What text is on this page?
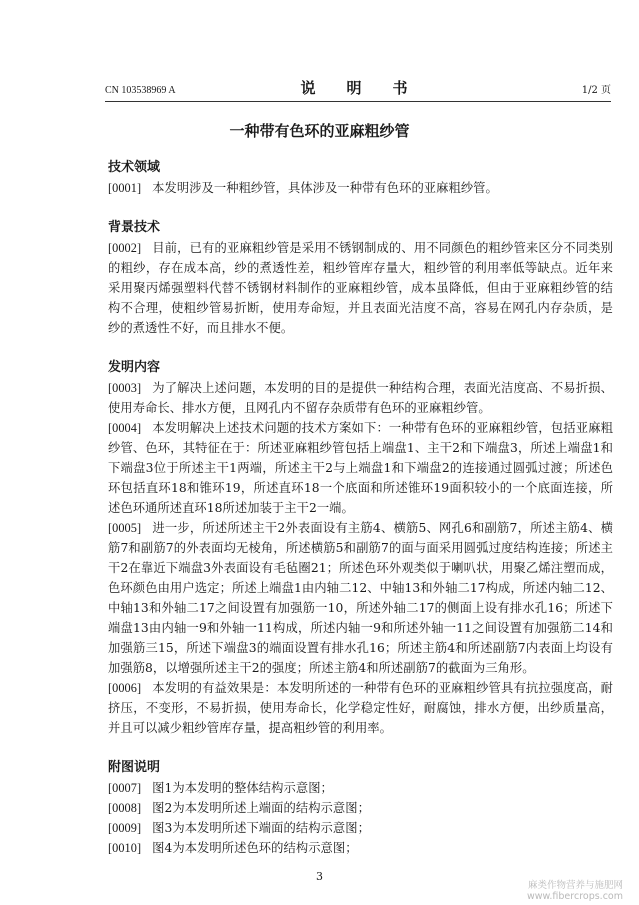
CN 103538969 A	说　明　书	1/2 页
一种带有色环的亚麻粗纱管
技术领域
[0001] 本发明涉及一种粗纱管，具体涉及一种带有色环的亚麻粗纱管。
背景技术
[0002] 目前，已有的亚麻粗纱管是采用不锈钢制成的、用不同颜色的粗纱管来区分不同类别的粗纱，存在成本高，纱的煮透性差，粗纱管库存量大，粗纱管的利用率低等缺点。近年来采用聚丙烯强塑料代替不锈钢材料制作的亚麻粗纱管，成本虽降低，但由于亚麻粗纱管的结构不合理，使粗纱管易折断，使用寿命短，并且表面光洁度不高，容易在网孔内存杂质，是纱的煮透性不好，而且排水不便。
发明内容
[0003] 为了解决上述问题，本发明的目的是提供一种结构合理，表面光洁度高、不易折损、使用寿命长、排水方便，且网孔内不留存杂质带有色环的亚麻粗纱管。
[0004] 本发明解决上述技术问题的技术方案如下：一种带有色环的亚麻粗纱管，包括亚麻粗纱管、色环，其特征在于：所述亚麻粗纱管包括上端盘1、主干2和下端盘3，所述上端盘1和下端盘3位于所述主干1两端，所述主干2与上端盘1和下端盘2的连接通过圆弧过渡；所述色环包括直环18和锥环19，所述直环18一个底面和所述锥环19面积较小的一个底面连接，所述色环通所述直环18所述加装于主干2一端。
[0005] 进一步，所述所述主干2外表面设有主筋4、横筋5、网孔6和副筋7，所述主筋4、横筋7和副筋7的外表面均无棱角，所述横筋5和副筋7的面与面采用圆弧过度结构连接；所述主干2在靠近下端盘3外表面设有毛毡圈21；所述色环外观类似于喇叭状，用聚乙烯注塑而成，色环颜色由用户选定；所述上端盘1由内轴二12、中轴13和外轴二17构成，所述内轴二12、中轴13和外轴二17之间设置有加强筋一10，所述外轴二17的侧面上设有排水孔16；所述下端盘13由内轴一9和外轴一11构成，所述内轴一9和所述外轴一11之间设置有加强筋二14和加强筋三15，所述下端盘3的端面设置有排水孔16；所述主筋4和所述副筋7内表面上均设有加强筋8，以增强所述主干2的强度；所述主筋4和所述副筋7的截面为三角形。
[0006] 本发明的有益效果是：本发明所述的一种带有色环的亚麻粗纱管具有抗拉强度高，耐挤压，不变形，不易折损，使用寿命长，化学稳定性好，耐腐蚀，排水方便，出纱质量高，并且可以减少粗纱管库存量，提高粗纱管的利用率。
附图说明
[0007] 图1为本发明的整体结构示意图；
[0008] 图2为本发明所述上端面的结构示意图；
[0009] 图3为本发明所述下端面的结构示意图；
[0010] 图4为本发明所述色环的结构示意图；
3
麻类作物营养与施肥网
www.fibercrops.com
